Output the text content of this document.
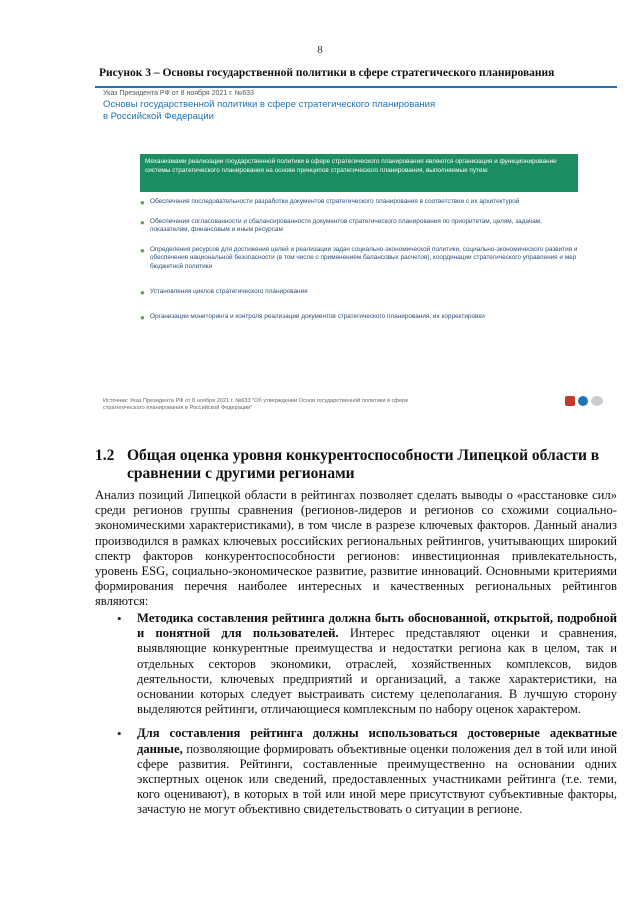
8
Рисунок 3 – Основы государственной политики в сфере стратегического планирования
Указ Президента РФ от 8 ноября 2021 г. №633
Основы государственной политики в сфере стратегического планирования
в Российской Федерации
Механизмами реализации государственной политики в сфере стратегического планирования являются организация и функционирование системы стратегического планирования на основе принципов стратегического планирования, выполняемые путем:
● Обеспечения последовательности разработки документов стратегического планирования в соответствии с их архитектурой
● Обеспечения согласованности и сбалансированности документов стратегического планирования по приоритетам, целям, задачам, показателям, финансовым и иным ресурсам
● Определения ресурсов для достижения целей и реализации задач социально-экономической политики, социально-экономического развития и обеспечения национальной безопасности (в том числе с применением балансовых расчетов), координации стратегического управления и мер бюджетной политики
● Установления циклов стратегического планирования
● Организации мониторинга и контроля реализации документов стратегического планирования, их корректировки
Источник: Указ Президента РФ от 8 ноября 2021 г. №633 "Об утверждении Основ государственной политики в сфере
стратегического планирования в Российской Федерации"
1.2 Общая оценка уровня конкурентоспособности Липецкой области в сравнении с другими регионами
Анализ позиций Липецкой области в рейтингах позволяет сделать выводы о «расстановке сил» среди регионов группы сравнения (регионов-лидеров и регионов со схожими социально-экономическими характеристиками), в том числе в разрезе ключевых факторов. Данный анализ производился в рамках ключевых российских региональных рейтингов, учитывающих широкий спектр факторов конкурентоспособности регионов: инвестиционная привлекательность, уровень ESG, социально-экономическое развитие, развитие инноваций. Основными критериями формирования перечня наиболее интересных и качественных региональных рейтингов являются:
• Методика составления рейтинга должна быть обоснованной, открытой, подробной и понятной для пользователей. Интерес представляют оценки и сравнения, выявляющие конкурентные преимущества и недостатки региона как в целом, так и отдельных секторов экономики, отраслей, хозяйственных комплексов, видов деятельности, ключевых предприятий и организаций, а также характеристики, на основании которых следует выстраивать систему целеполагания. В лучшую сторону выделяются рейтинги, отличающиеся комплексным по набору оценок характером.
• Для составления рейтинга должны использоваться достоверные адекватные данные, позволяющие формировать объективные оценки положения дел в той или иной сфере развития. Рейтинги, составленные преимущественно на основании одних экспертных оценок или сведений, предоставленных участниками рейтинга (т.е. теми, кого оценивают), в которых в той или иной мере присутствуют субъективные факторы, зачастую не могут объективно свидетельствовать о ситуации в регионе.
